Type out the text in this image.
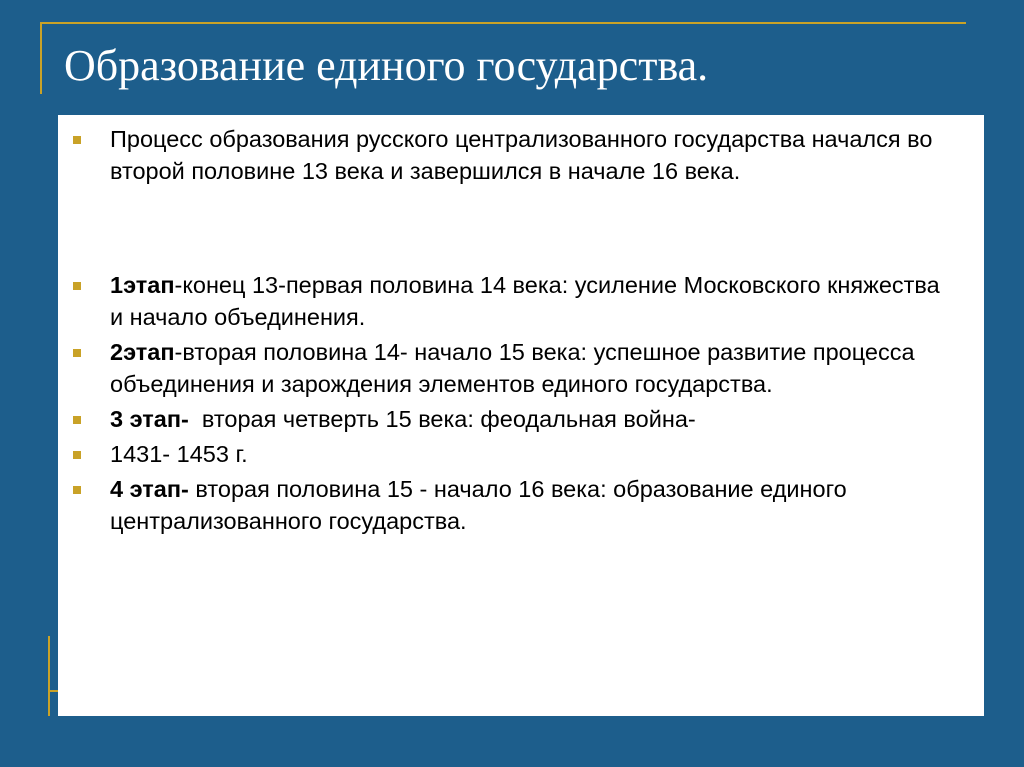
Образование единого государства.
Процесс образования русского централизованного государства начался во второй половине 13 века и завершился в начале 16 века.
1этап-конец 13-первая половина 14 века: усиление Московского княжества и начало объединения.
2этап-вторая половина 14- начало 15 века: успешное развитие процесса объединения и зарождения элементов единого государства.
3 этап-  вторая четверть 15 века: феодальная война-
1431- 1453 г.
4 этап- вторая половина 15 - начало 16 века: образование единого централизованного государства.
